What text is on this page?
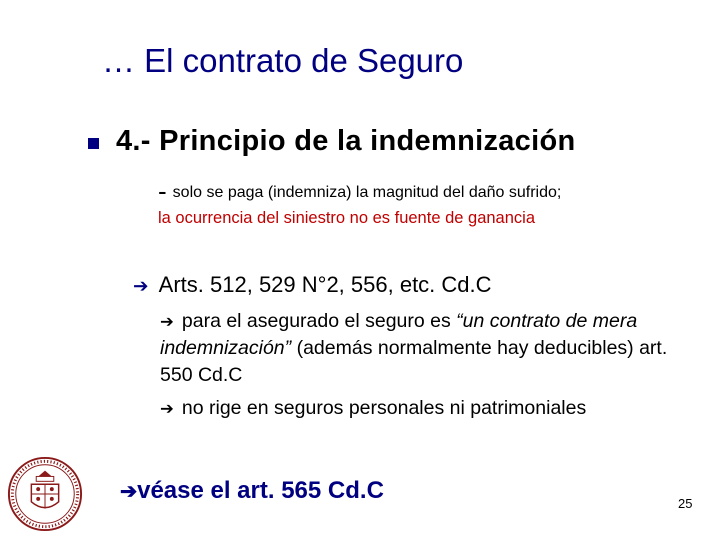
… El contrato de Seguro
4.- Principio de la indemnización
- solo se paga (indemniza) la magnitud del daño sufrido;
la ocurrencia del siniestro no es fuente de ganancia
➔ Arts. 512, 529 N°2, 556, etc. Cd.C
➔ para el asegurado el seguro es “un contrato de mera indemnización” (además normalmente hay deducibles) art. 550 Cd.C
➔ no rige en seguros personales ni patrimoniales
➔véase el art. 565 Cd.C	25
